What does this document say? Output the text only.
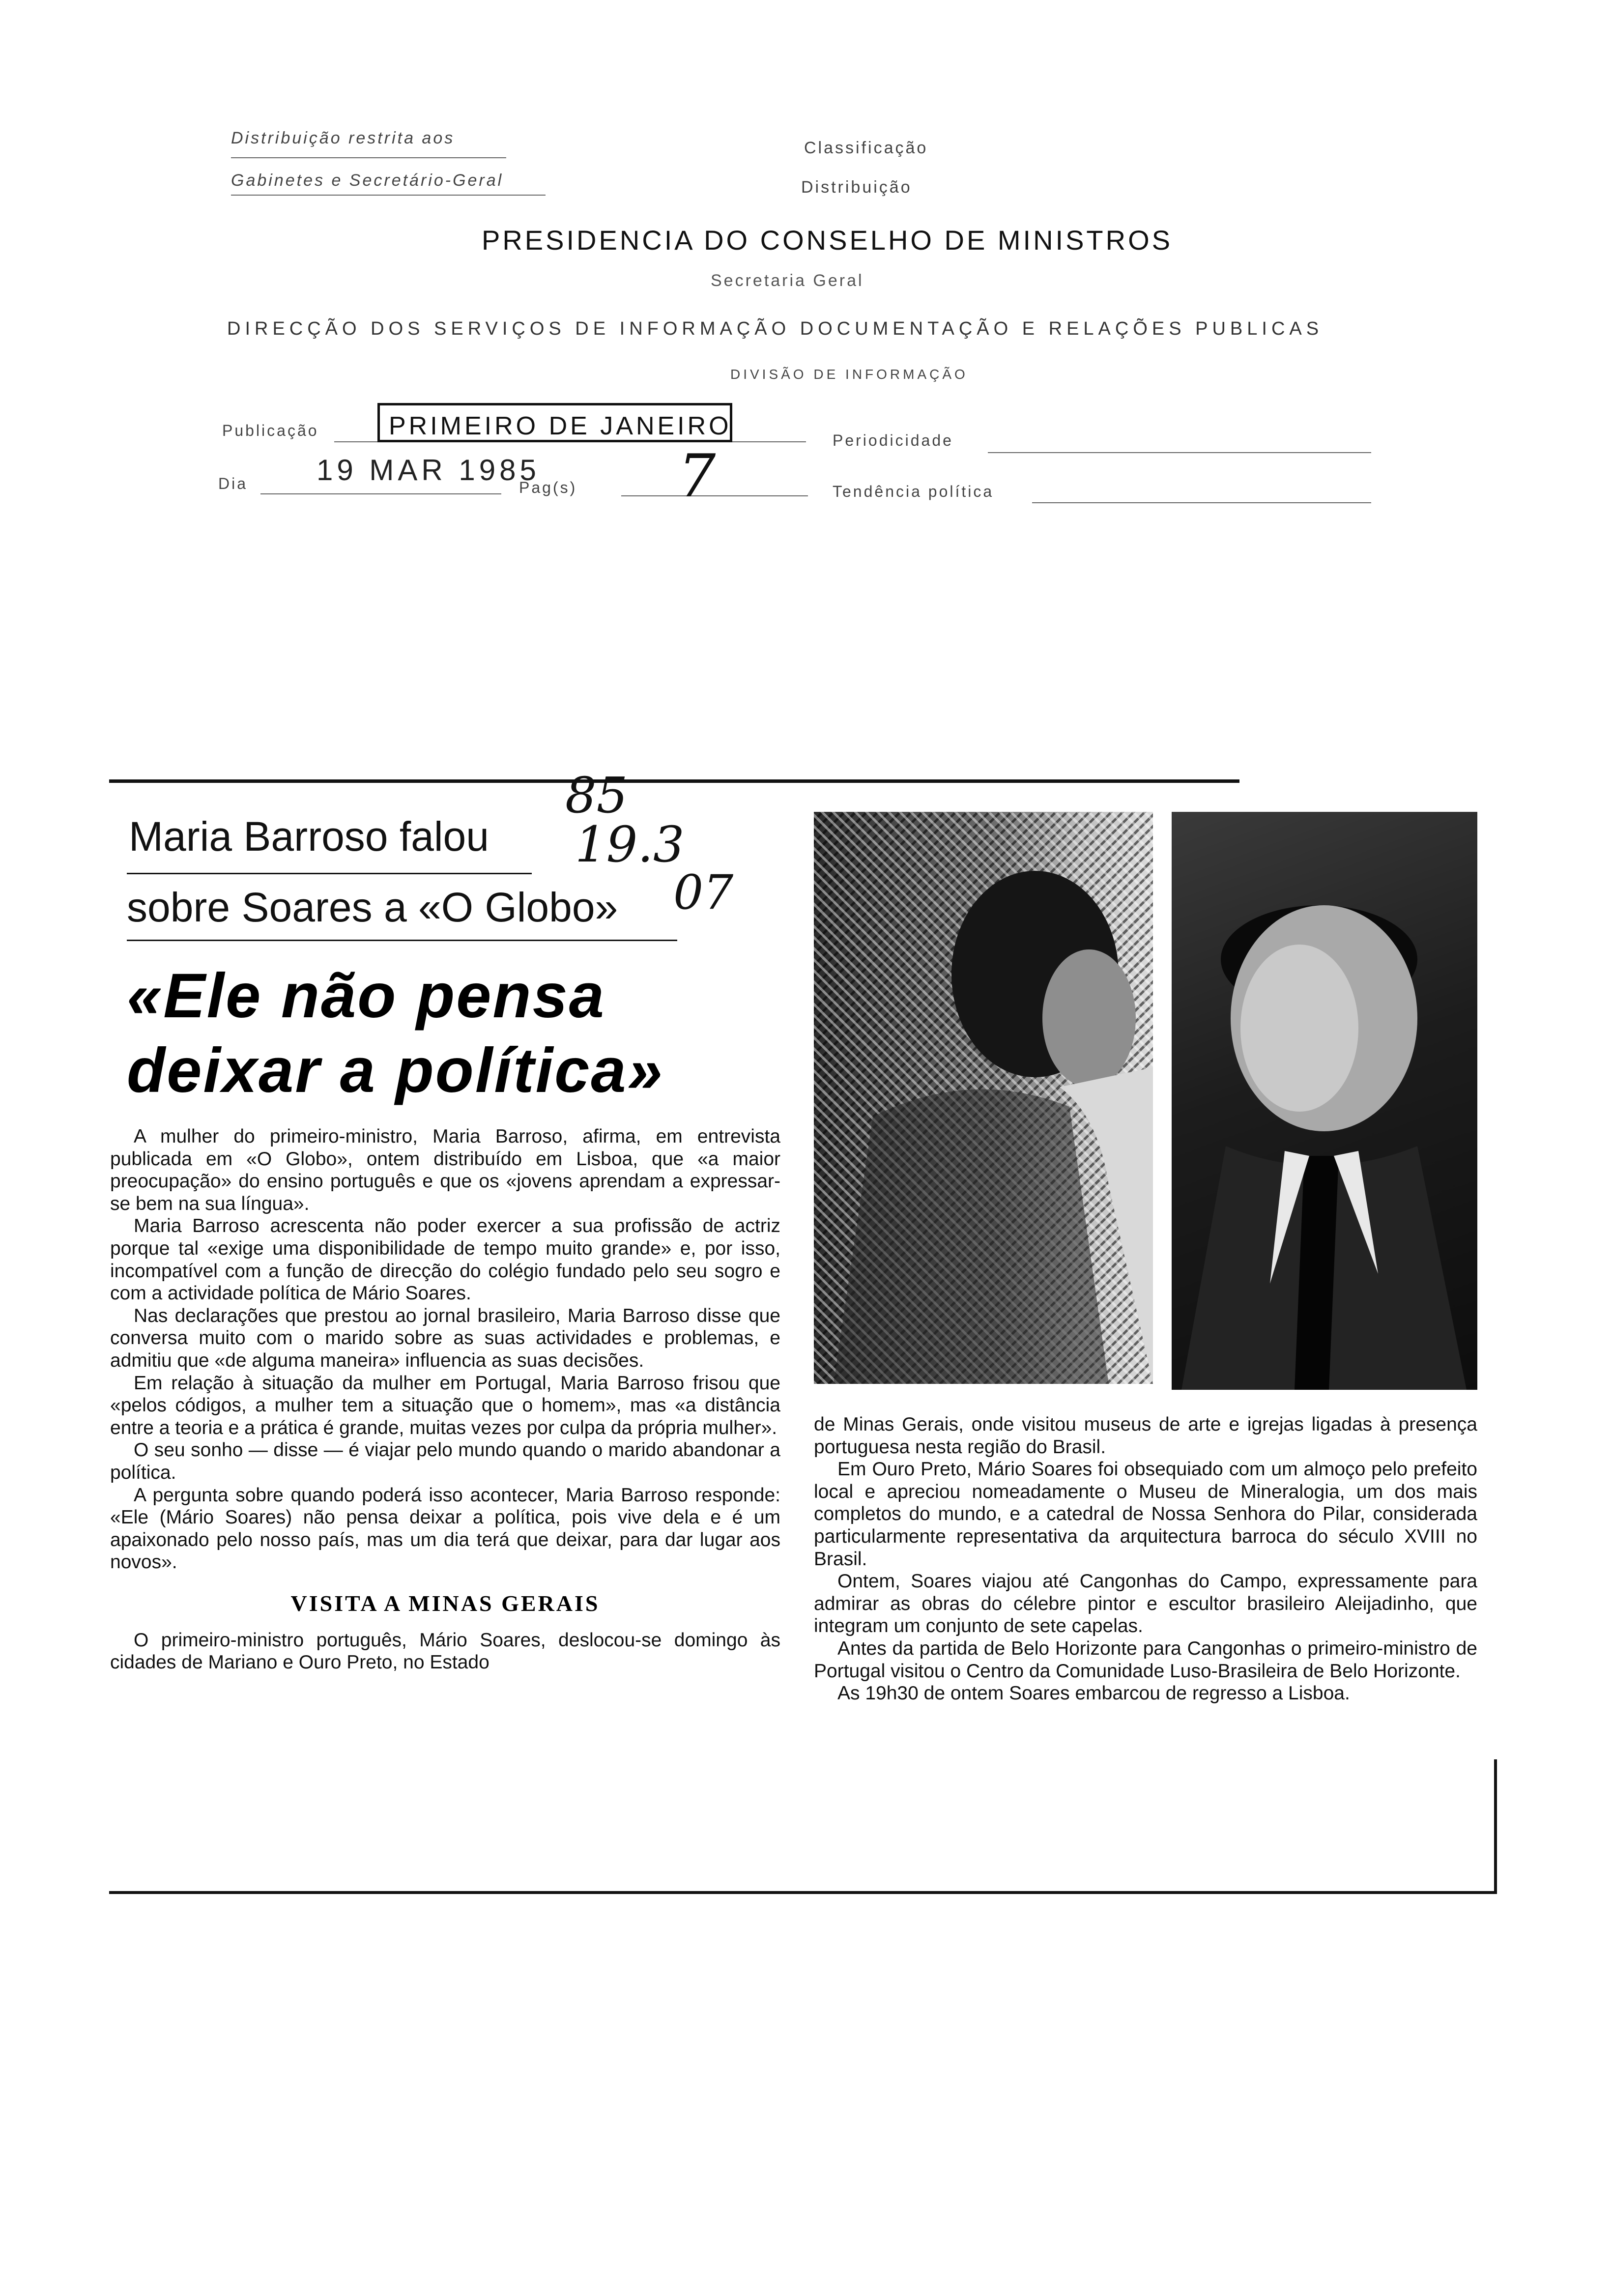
Distribuição restrita aos
Gabinetes e Secretário-Geral
Classificação
Distribuição
PRESIDENCIA DO CONSELHO DE MINISTROS
Secretaria Geral
DIRECÇÃO DOS SERVIÇOS DE INFORMAÇÃO DOCUMENTAÇÃO E RELAÇÕES PUBLICAS
DIVISÃO DE INFORMAÇÃO
Publicação	PRIMEIRO DE JANEIRO	Periodicidade
Dia 19 MAR 1985
Pag(s) 7	Tendência política
Maria Barroso falou
sobre Soares a «O Globo»
85
19.3
07
«Ele não pensa
deixar a política»

A mulher do primeiro-ministro, Maria Barroso, afirma, em entrevista publicada em «O Globo», ontem distribuído em Lisboa, que «a maior preocupação» do ensino português e que os «jovens aprendam a expressar-se bem na sua língua».

Maria Barroso acrescenta não poder exercer a sua profissão de actriz porque tal «exige uma disponibilidade de tempo muito grande» e, por isso, incompatível com a função de direcção do colégio fundado pelo seu sogro e com a actividade política de Mário Soares.

Nas declarações que prestou ao jornal brasileiro, Maria Barroso disse que conversa muito com o marido sobre as suas actividades e problemas, e admitiu que «de alguma maneira» influencia as suas decisões.

Em relação à situação da mulher em Portugal, Maria Barroso frisou que «pelos códigos, a mulher tem a situação que o homem», mas «a distância entre a teoria e a prática é grande, muitas vezes por culpa da própria mulher».

O seu sonho — disse — é viajar pelo mundo quando o marido abandonar a política.

A pergunta sobre quando poderá isso acontecer, Maria Barroso responde: «Ele (Mário Soares) não pensa deixar a política, pois vive dela e é um apaixonado pelo nosso país, mas um dia terá que deixar, para dar lugar aos novos».

VISITA A MINAS GERAIS

O primeiro-ministro português, Mário Soares, deslocou-se domingo às cidades de Mariano e Ouro Preto, no Estado

de Minas Gerais, onde visitou museus de arte e igrejas ligadas à presença portuguesa nesta região do Brasil.

Em Ouro Preto, Mário Soares foi obsequiado com um almoço pelo prefeito local e apreciou nomeadamente o Museu de Mineralogia, um dos mais completos do mundo, e a catedral de Nossa Senhora do Pilar, considerada particularmente representativa da arquitectura barroca do século XVIII no Brasil.

Ontem, Soares viajou até Cangonhas do Campo, expressamente para admirar as obras do célebre pintor e escultor brasileiro Aleijadinho, que integram um conjunto de sete capelas.

Antes da partida de Belo Horizonte para Cangonhas o primeiro-ministro de Portugal visitou o Centro da Comunidade Luso-Brasileira de Belo Horizonte.

As 19h30 de ontem Soares embarcou de regresso a Lisboa.
